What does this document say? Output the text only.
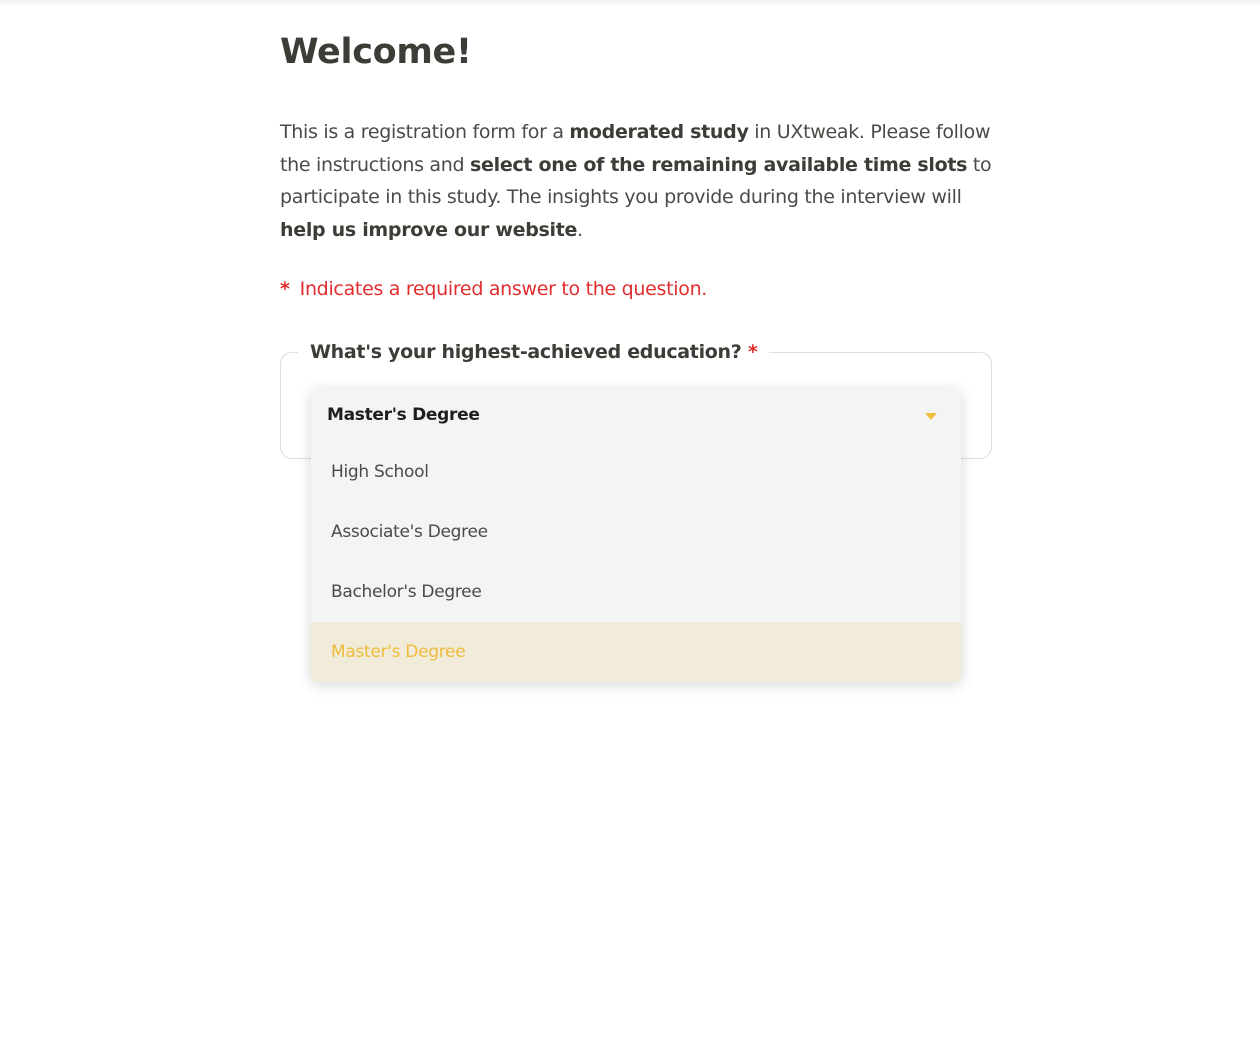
Welcome!

This is a registration form for a moderated study in UXtweak. Please follow the instructions and select one of the remaining available time slots to participate in this study. The insights you provide during the interview will help us improve our website.

* Indicates a required answer to the question.

What's your highest-achieved education? *
Master's Degree
High School
Associate's Degree
Bachelor's Degree
Master's Degree
